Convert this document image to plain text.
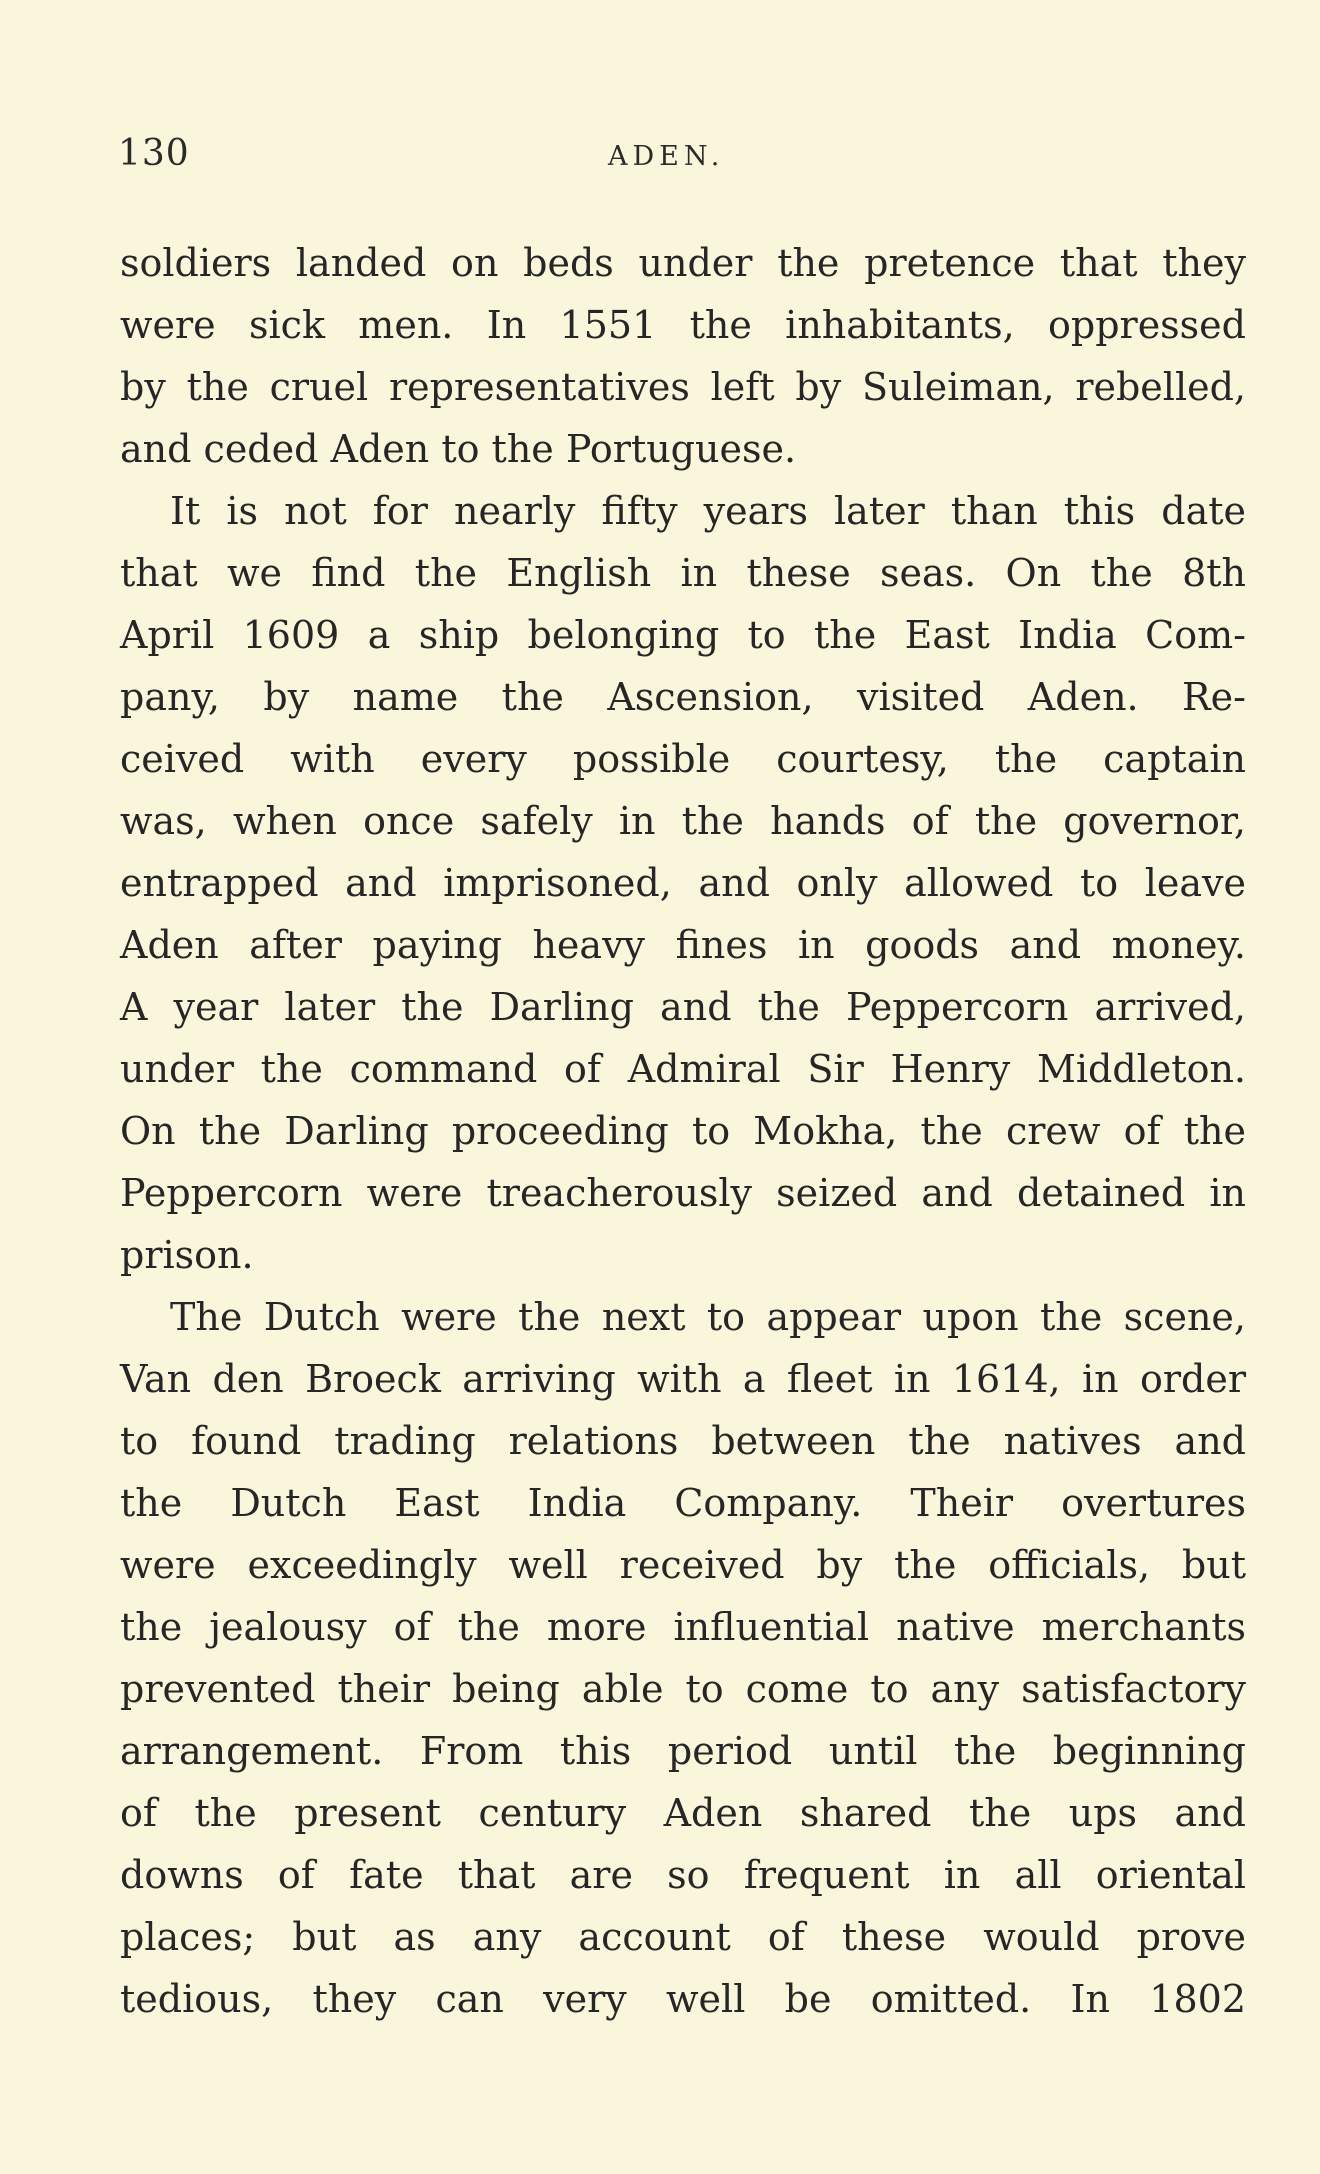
130	ADEN.
soldiers landed on beds under the pretence that they
were sick men. In 1551 the inhabitants, oppressed
by the cruel representatives left by Suleiman, rebelled,
and ceded Aden to the Portuguese.
It is not for nearly fifty years later than this date
that we find the English in these seas. On the 8th
April 1609 a ship belonging to the East India Com-
pany, by name the Ascension, visited Aden. Re-
ceived with every possible courtesy, the captain
was, when once safely in the hands of the governor,
entrapped and imprisoned, and only allowed to leave
Aden after paying heavy fines in goods and money.
A year later the Darling and the Peppercorn arrived,
under the command of Admiral Sir Henry Middleton.
On the Darling proceeding to Mokha, the crew of the
Peppercorn were treacherously seized and detained in
prison.
The Dutch were the next to appear upon the scene,
Van den Broeck arriving with a fleet in 1614, in order
to found trading relations between the natives and
the Dutch East India Company. Their overtures
were exceedingly well received by the officials, but
the jealousy of the more influential native merchants
prevented their being able to come to any satisfactory
arrangement. From this period until the beginning
of the present century Aden shared the ups and
downs of fate that are so frequent in all oriental
places; but as any account of these would prove
tedious, they can very well be omitted. In 1802
